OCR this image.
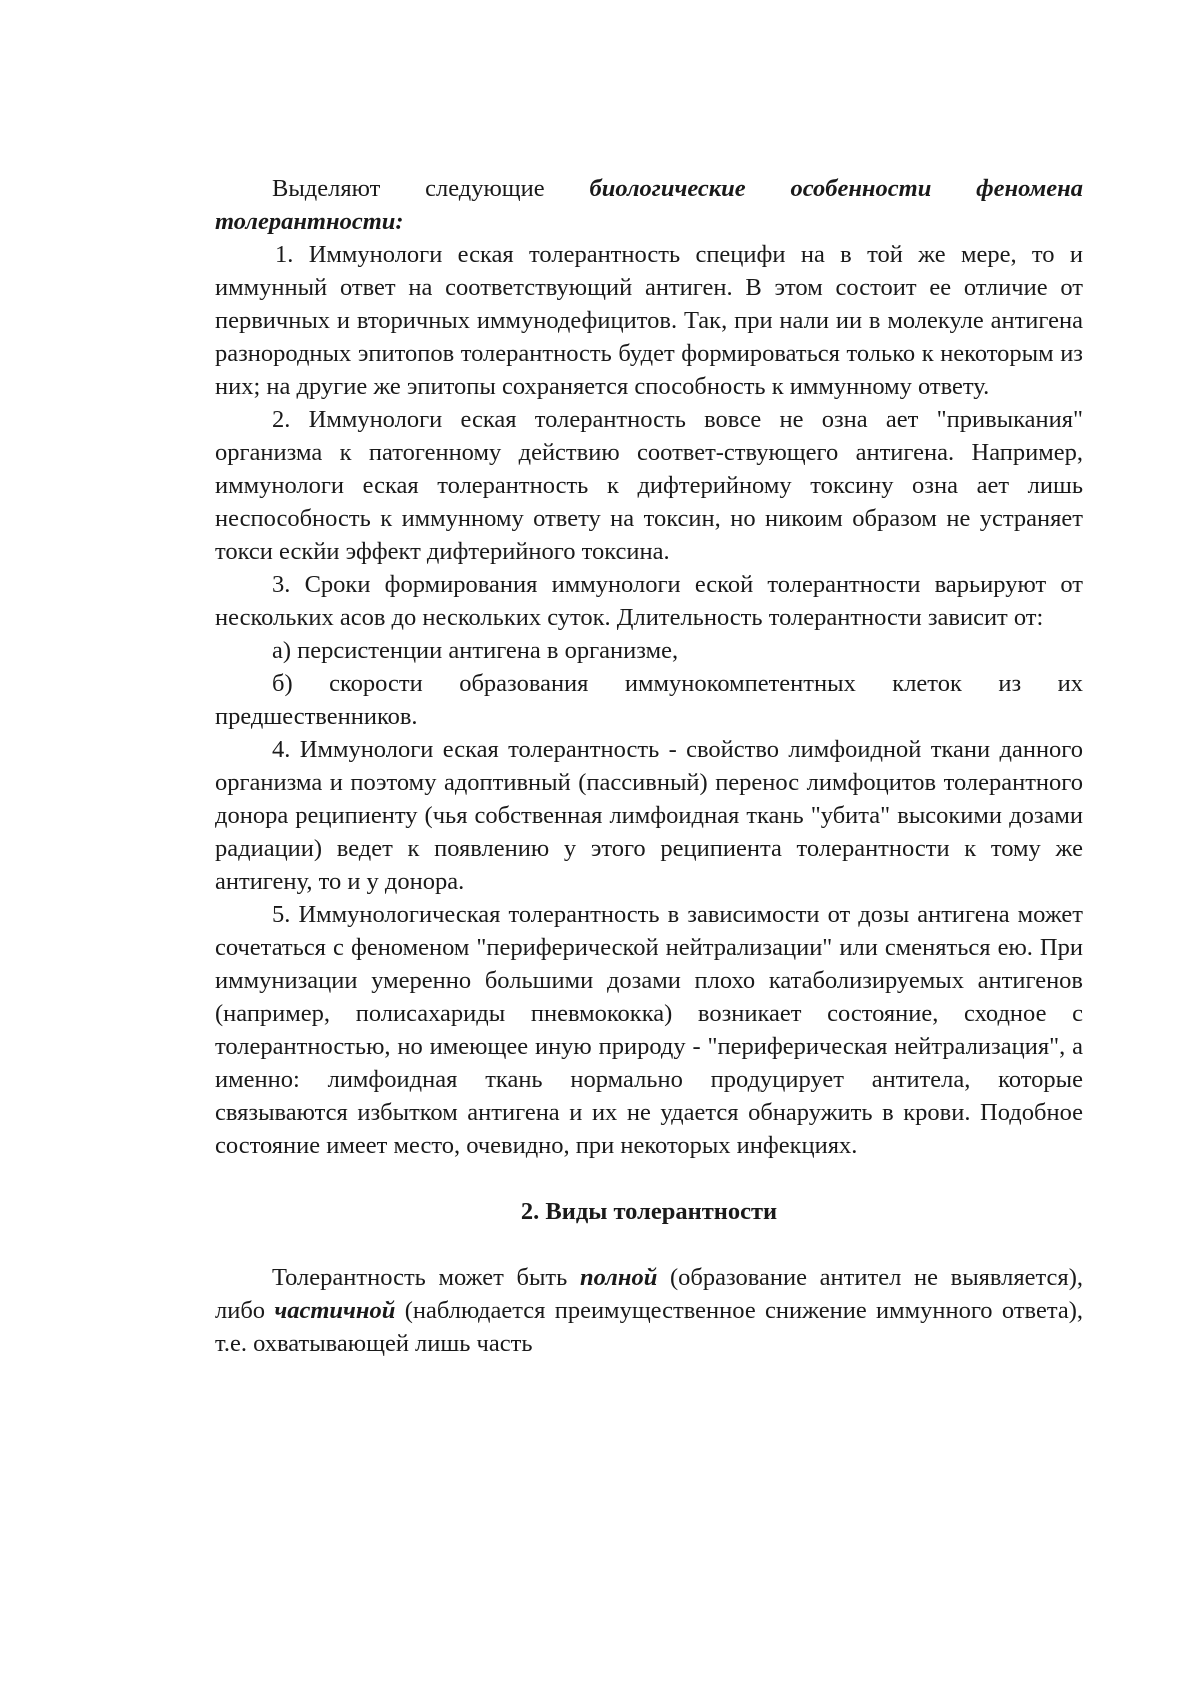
Выделяют следующие биологические особенности феномена толерантности:

1. Иммунологи еская толерантность специфи на в той же мере, то и иммунный ответ на соответствующий антиген. В этом состоит ее отличие от первичных и вторичных иммунодефицитов. Так, при нали ии в молекуле антигена разнородных эпитопов толерантность будет формироваться только к некоторым из них; на другие же эпитопы сохраняется способность к иммунному ответу.

2. Иммунологи еская толерантность вовсе не озна ает "привыкания" организма к патогенному действию соответ-ствующего антигена. Например, иммунологи еская толерантность к дифтерийному токсину озна ает лишь неспособность к иммунному ответу на токсин, но никоим образом не устраняет токси ескйи эффект дифтерийного токсина.

3. Сроки формирования иммунологи еской толерантности варьируют от нескольких асов до нескольких суток. Длительность толерантности зависит от:

а) персистенции антигена в организме,

б) скорости образования иммунокомпетентных клеток из их предшественников.

4. Иммунологи еская толерантность - свойство лимфоидной ткани данного организма и поэтому адоптивный (пассивный) перенос лимфоцитов толерантного донора реципиенту (чья собственная лимфоидная ткань "убита" высокими дозами радиации) ведет к появлению у этого реципиента толерантности к тому же антигену, то и у донора.

5. Иммунологическая толерантность в зависимости от дозы антигена может сочетаться с феноменом "периферической нейтрализации" или сменяться ею. При иммунизации умеренно большими дозами плохо катаболизируемых антигенов (например, полисахариды пневмококка) возникает состояние, сходное с толерантностью, но имеющее иную природу - "периферическая нейтрализация", а именно: лимфоидная ткань нормально продуцирует антитела, которые связываются избытком антигена и их не удается обнаружить в крови. Подобное состояние имеет место, очевидно, при некоторых инфекциях.

2. Виды толерантности

Толерантность может быть полной (образование антител не выявляется), либо частичной (наблюдается преимущественное снижение иммунного ответа), т.е. охватывающей лишь часть
